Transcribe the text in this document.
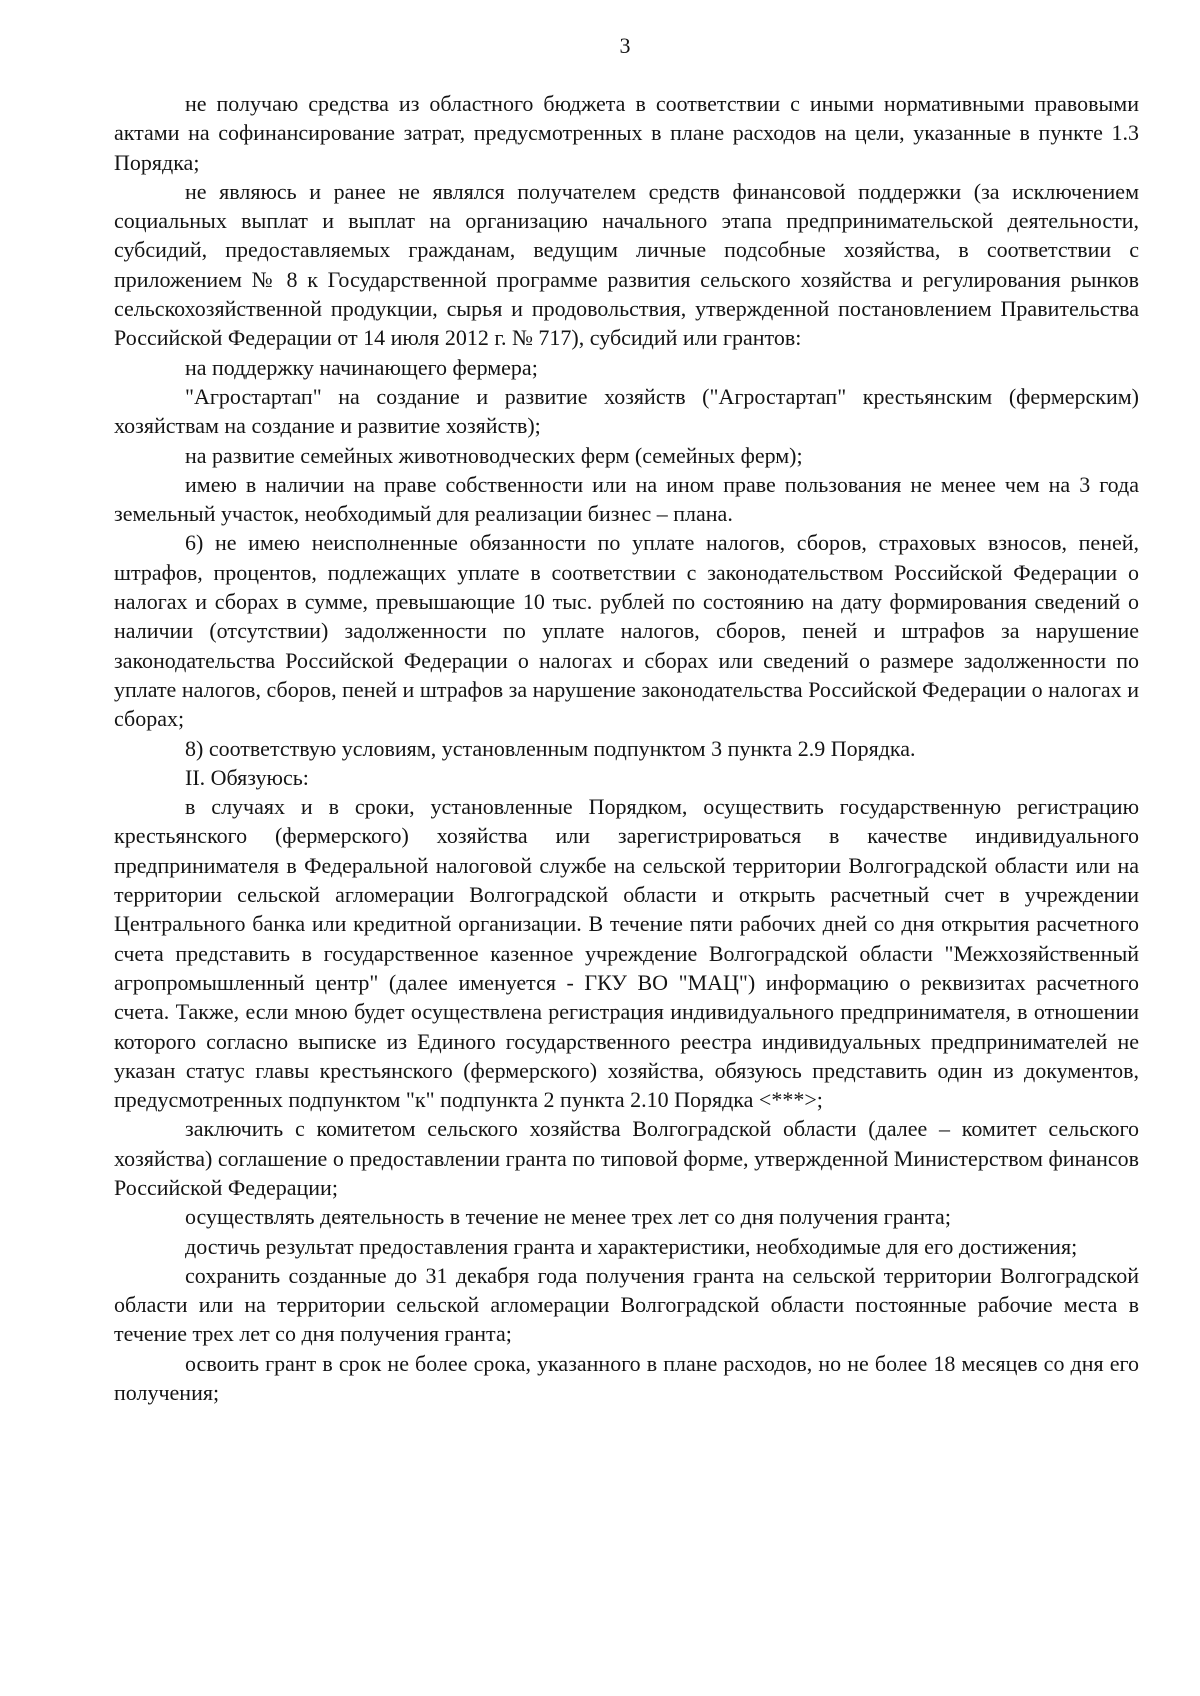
3

не получаю средства из областного бюджета в соответствии с иными нормативными правовыми актами на софинансирование затрат, предусмотренных в плане расходов на цели, указанные в пункте 1.3 Порядка;

не являюсь и ранее не являлся получателем средств финансовой поддержки (за исключением социальных выплат и выплат на организацию начального этапа предпринимательской деятельности, субсидий, предоставляемых гражданам, ведущим личные подсобные хозяйства, в соответствии с приложением № 8 к Государственной программе развития сельского хозяйства и регулирования рынков сельскохозяйственной продукции, сырья и продовольствия, утвержденной постановлением Правительства Российской Федерации от 14 июля 2012 г. № 717), субсидий или грантов:

на поддержку начинающего фермера;

"Агростартап" на создание и развитие хозяйств ("Агростартап" крестьянским (фермерским) хозяйствам на создание и развитие хозяйств);

на развитие семейных животноводческих ферм (семейных ферм);

имею в наличии на праве собственности или на ином праве пользования не менее чем на 3 года земельный участок, необходимый для реализации бизнес – плана.

6) не имею неисполненные обязанности по уплате налогов, сборов, страховых взносов, пеней, штрафов, процентов, подлежащих уплате в соответствии с законодательством Российской Федерации о налогах и сборах в сумме, превышающие 10 тыс. рублей по состоянию на дату формирования сведений о наличии (отсутствии) задолженности по уплате налогов, сборов, пеней и штрафов за нарушение законодательства Российской Федерации о налогах и сборах или сведений о размере задолженности по уплате налогов, сборов, пеней и штрафов за нарушение законодательства Российской Федерации о налогах и сборах;

8) соответствую условиям, установленным подпунктом 3 пункта 2.9 Порядка.

II. Обязуюсь:

в случаях и в сроки, установленные Порядком, осуществить государственную регистрацию крестьянского (фермерского) хозяйства или зарегистрироваться в качестве индивидуального предпринимателя в Федеральной налоговой службе на сельской территории Волгоградской области или на территории сельской агломерации Волгоградской области и открыть расчетный счет в учреждении Центрального банка или кредитной организации. В течение пяти рабочих дней со дня открытия расчетного счета представить в государственное казенное учреждение Волгоградской области "Межхозяйственный агропромышленный центр" (далее именуется - ГКУ ВО "МАЦ") информацию о реквизитах расчетного счета. Также, если мною будет осуществлена регистрация индивидуального предпринимателя, в отношении которого согласно выписке из Единого государственного реестра индивидуальных предпринимателей не указан статус главы крестьянского (фермерского) хозяйства, обязуюсь представить один из документов, предусмотренных подпунктом "к" подпункта 2 пункта 2.10 Порядка <***>;

заключить с комитетом сельского хозяйства Волгоградской области (далее – комитет сельского хозяйства) соглашение о предоставлении гранта по типовой форме, утвержденной Министерством финансов Российской Федерации;

осуществлять деятельность в течение не менее трех лет со дня получения гранта;

достичь результат предоставления гранта и характеристики, необходимые для его достижения;

сохранить созданные до 31 декабря года получения гранта на сельской территории Волгоградской области или на территории сельской агломерации Волгоградской области постоянные рабочие места в течение трех лет со дня получения гранта;

освоить грант в срок не более срока, указанного в плане расходов, но не более 18 месяцев со дня его получения;
